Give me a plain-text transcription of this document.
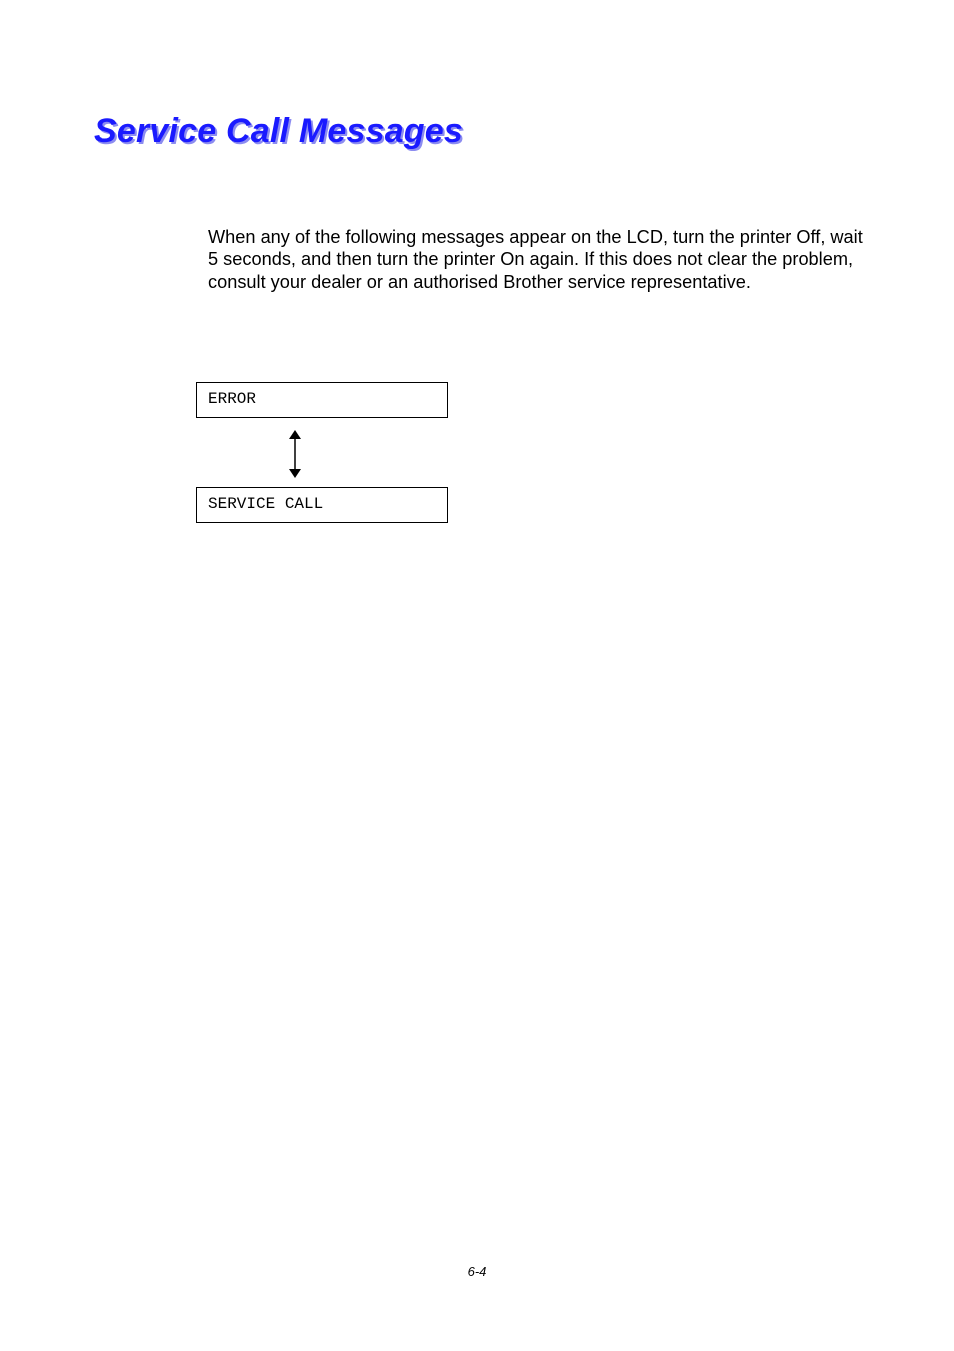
Service Call Messages

When any of the following messages appear on the LCD, turn the printer Off, wait 5 seconds, and then turn the printer On again. If this does not clear the problem, consult your dealer or an authorised Brother service representative.

ERROR
SERVICE CALL
6-4
